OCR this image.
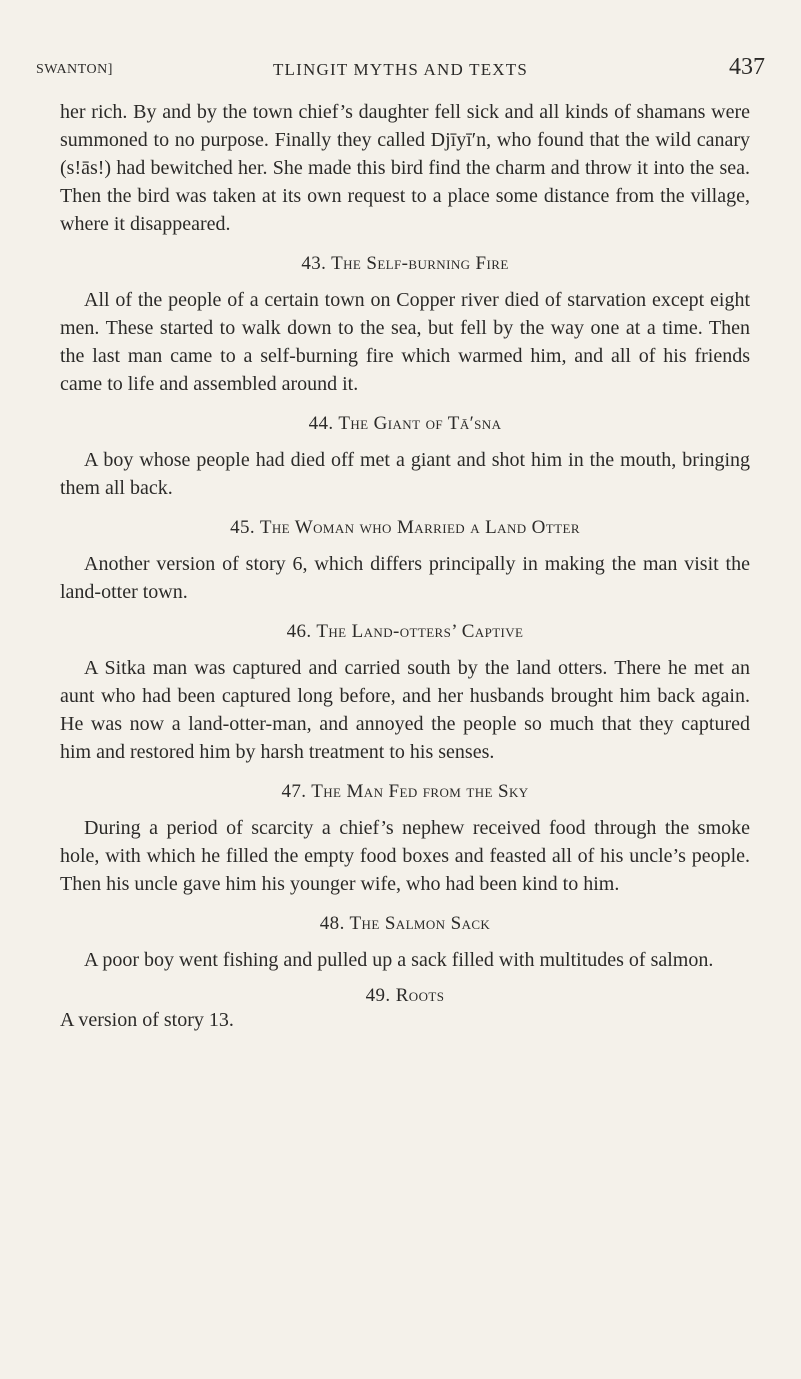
SWANTON]	TLINGIT MYTHS AND TEXTS	437

her rich. By and by the town chief’s daughter fell sick and all kinds of shamans were summoned to no purpose. Finally they called Djīyī′n, who found that the wild canary (s!ās!) had bewitched her. She made this bird find the charm and throw it into the sea. Then the bird was taken at its own request to a place some distance from the village, where it disappeared.

43. The Self-burning Fire

All of the people of a certain town on Copper river died of starvation except eight men. These started to walk down to the sea, but fell by the way one at a time. Then the last man came to a self-burning fire which warmed him, and all of his friends came to life and assembled around it.

44. The Giant of Tā′sna

A boy whose people had died off met a giant and shot him in the mouth, bringing them all back.

45. The Woman who Married a Land Otter

Another version of story 6, which differs principally in making the man visit the land-otter town.

46. The Land-otters’ Captive

A Sitka man was captured and carried south by the land otters. There he met an aunt who had been captured long before, and her husbands brought him back again. He was now a land-otter-man, and annoyed the people so much that they captured him and restored him by harsh treatment to his senses.

47. The Man Fed from the Sky

During a period of scarcity a chief’s nephew received food through the smoke hole, with which he filled the empty food boxes and feasted all of his uncle’s people. Then his uncle gave him his younger wife, who had been kind to him.

48. The Salmon Sack

A poor boy went fishing and pulled up a sack filled with multitudes of salmon.

49. Roots
A version of story 13.
